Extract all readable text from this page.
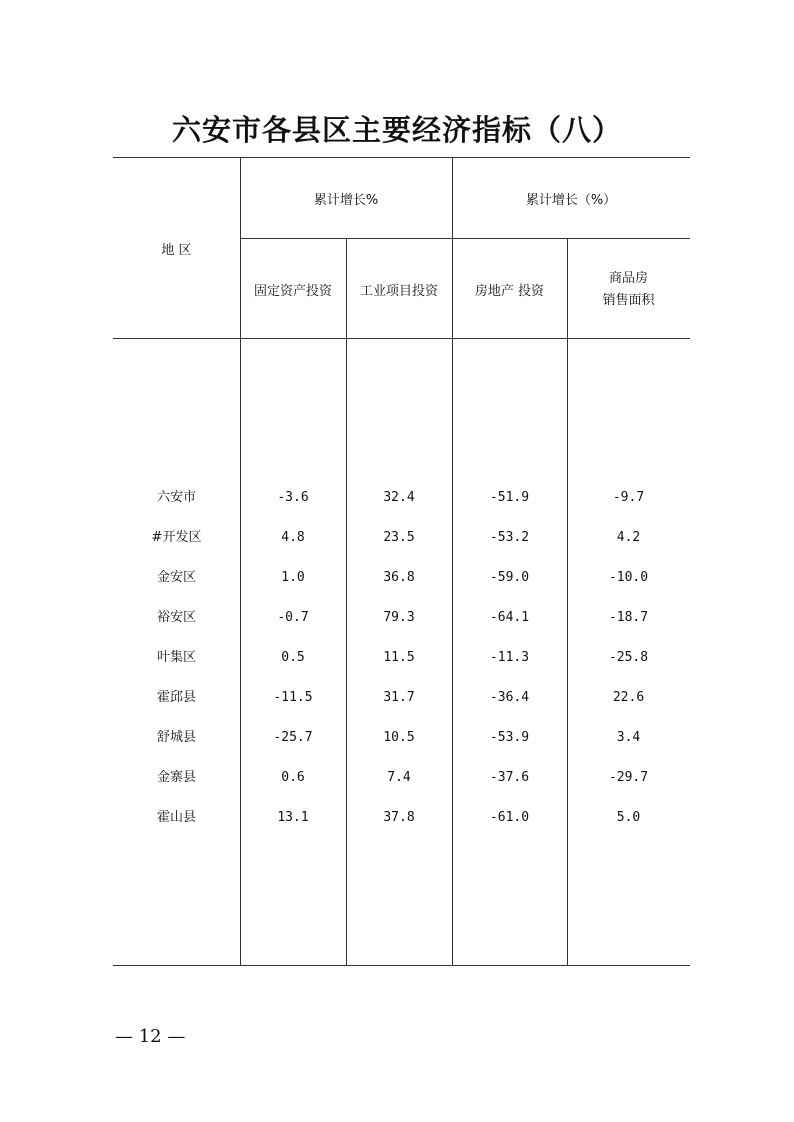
六安市各县区主要经济指标（八）
地 区
累计增长%	累计增长（%）
固定资产投资	工业项目投资	房地产 投资
商品房
销售面积
六安市	-3.6	32.4	-51.9	-9.7
#开发区	4.8	23.5	-53.2	4.2
金安区	1.0	36.8	-59.0	-10.0
裕安区	-0.7	79.3	-64.1	-18.7
叶集区	0.5	11.5	-11.3	-25.8
霍邱县	-11.5	31.7	-36.4	22.6
舒城县	-25.7	10.5	-53.9	3.4
金寨县	0.6	7.4	-37.6	-29.7
霍山县	13.1	37.8	-61.0	5.0
— 12 —
